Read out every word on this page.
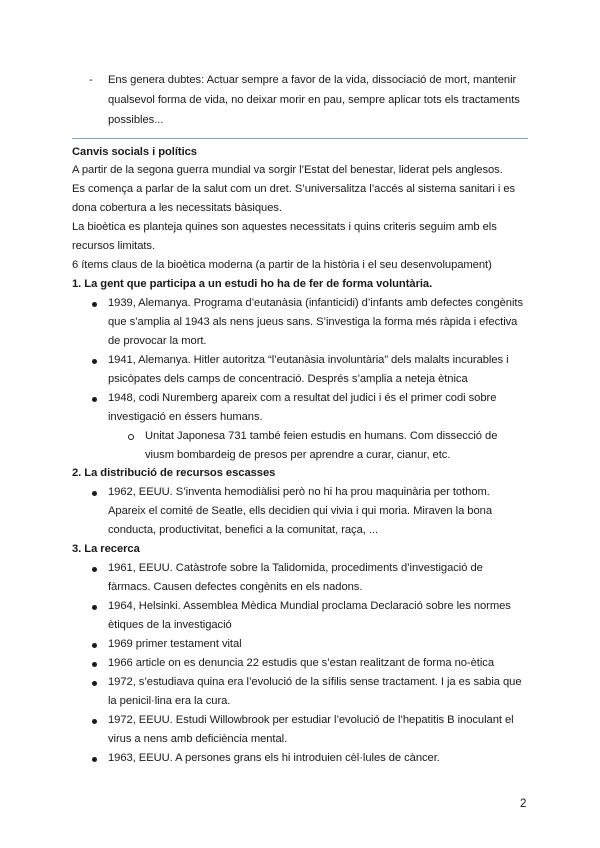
- Ens genera dubtes: Actuar sempre a favor de la vida, dissociació de mort, mantenir
qualsevol forma de vida, no deixar morir en pau, sempre aplicar tots els tractaments
possibles...
Canvis socials i polítics
A partir de la segona guerra mundial va sorgir l’Estat del benestar, liderat pels anglesos.
Es comença a parlar de la salut com un dret. S’universalitza l’accés al sistema sanitari i es
dona cobertura a les necessitats bàsiques.
La bioètica es planteja quines son aquestes necessitats i quins criteris seguim amb els
recursos limitats.
6 ítems claus de la bioètica moderna (a partir de la història i el seu desenvolupament)
1. La gent que participa a un estudi ho ha de fer de forma voluntària.
1939, Alemanya. Programa d’eutanàsia (infanticidi) d’infants amb defectes congènits
que s’amplia al 1943 als nens jueus sans. S’investiga la forma més ràpida i efectiva
de provocar la mort.
1941, Alemanya. Hitler autoritza “l’eutanàsia involuntària” dels malalts incurables i
psicòpates dels camps de concentració. Després s’amplia a neteja ètnica
1948, codi Nuremberg apareix com a resultat del judici i és el primer codi sobre
investigació en éssers humans.
Unitat Japonesa 731 també feien estudis en humans. Com dissecció de
viusm bombardeig de presos per aprendre a curar, cianur, etc.
2. La distribució de recursos escasses
1962, EEUU. S’inventa hemodiàlisi però no hi ha prou maquinària per tothom.
Apareix el comité de Seatle, ells decidien qui vivia i qui moria. Miraven la bona
conducta, productivitat, benefici a la comunitat, raça, ...
3. La recerca
1961, EEUU. Catàstrofe sobre la Talidomida, procediments d’investigació de
fàrmacs. Causen defectes congènits en els nadons.
1964, Helsinki. Assemblea Mèdica Mundial proclama Declaració sobre les normes
ètiques de la investigació
1969 primer testament vital
1966 article on es denuncia 22 estudis que s’estan realitzant de forma no-ètica
1972, s’estudiava quina era l’evolució de la sífilis sense tractament. I ja es sabia que
la penicil·lina era la cura.
1972, EEUU. Estudi Willowbrook per estudiar l’evolució de l’hepatitis B inoculant el
virus a nens amb deficiència mental.
1963, EEUU. A persones grans els hi introduien cèl·lules de càncer.
2
